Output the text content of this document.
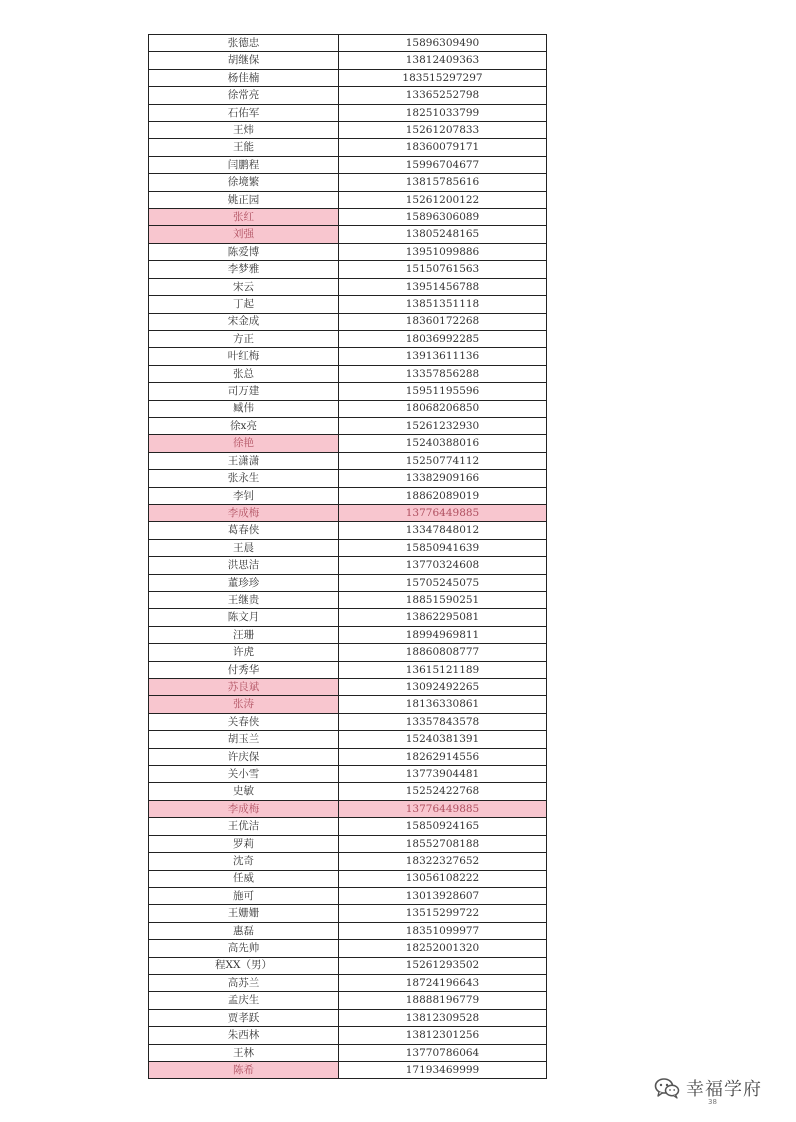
张德忠	15896309490
胡继保	13812409363
杨佳楠	183515297297
徐常亮	13365252798
石佑军	18251033799
王炜	15261207833
王能	18360079171
闫鹏程	15996704677
徐境繁	13815785616
姚正园	15261200122
张红	15896306089
刘强	13805248165
陈爱博	13951099886
李梦雅	15150761563
宋云	13951456788
丁起	13851351118
宋金成	18360172268
方正	18036992285
叶红梅	13913611136
张总	13357856288
司万建	15951195596
臧伟	18068206850
徐x亮	15261232930
徐艳	15240388016
王潇潇	15250774112
张永生	13382909166
李钊	18862089019
李成梅	13776449885
葛春侠	13347848012
王晨	15850941639
洪思洁	13770324608
董珍珍	15705245075
王继贵	18851590251
陈文月	13862295081
汪珊	18994969811
许虎	18860808777
付秀华	13615121189
苏良斌	13092492265
张涛	18136330861
关春侠	13357843578
胡玉兰	15240381391
许庆保	18262914556
关小雪	13773904481
史敏	15252422768
李成梅	13776449885
王优洁	15850924165
罗莉	18552708188
沈奇	18322327652
任威	13056108222
施可	13013928607
王姗姗	13515299722
惠磊	18351099977
高先帅	18252001320
程XX（男）	15261293502
高苏兰	18724196643
孟庆生	18888196779
贾孝跃	13812309528
朱西林	13812301256
王林	13770786064
陈希	17193469999
幸福学府
38
